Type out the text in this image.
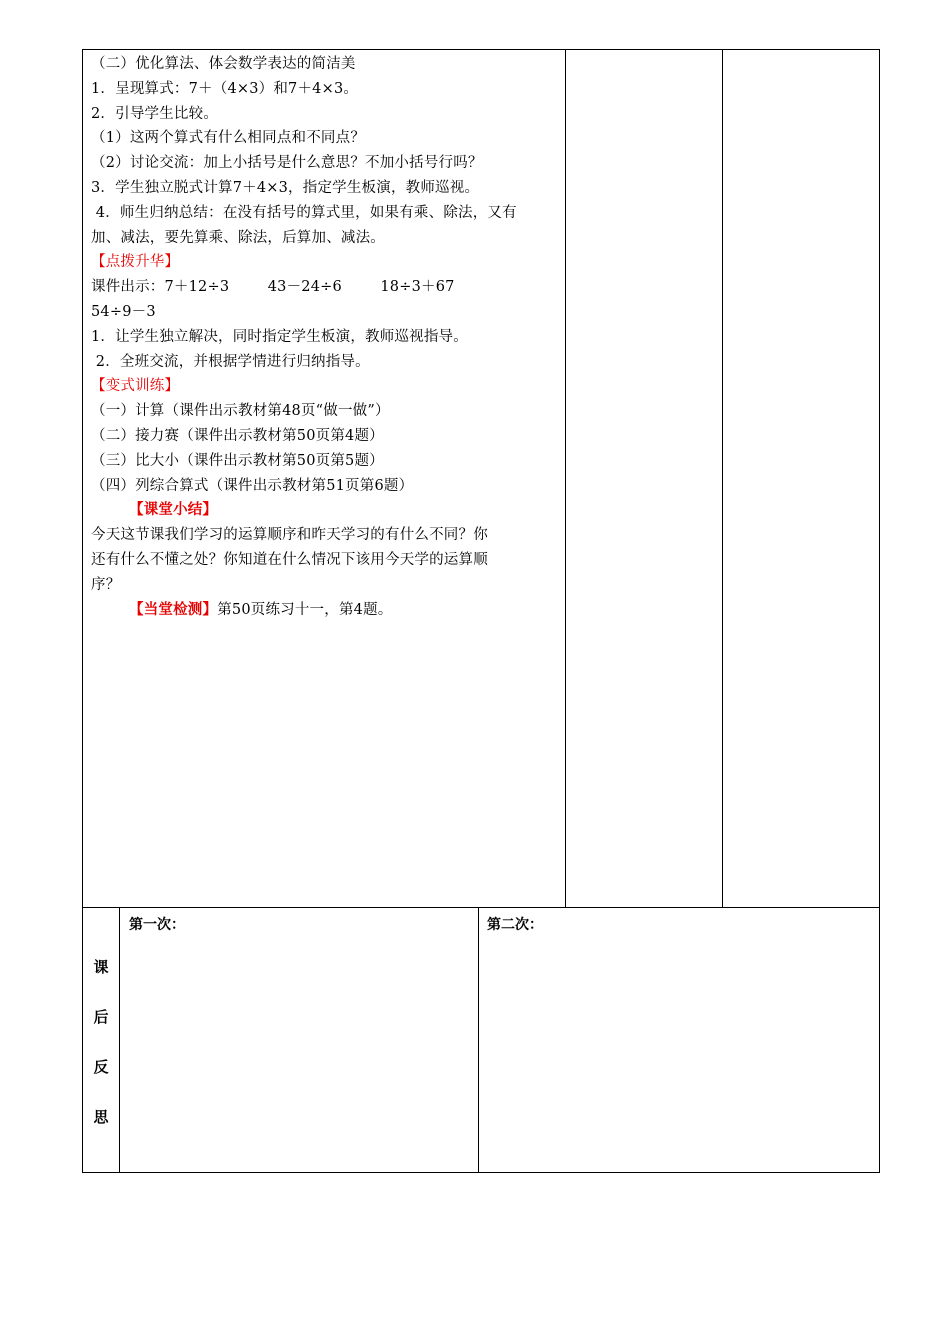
（二）优化算法、体会数学表达的简洁美
1．呈现算式：7＋（4×3）和7＋4×3。
2．引导学生比较。
（1）这两个算式有什么相同点和不同点？
（2）讨论交流：加上小括号是什么意思？不加小括号行吗？
3．学生独立脱式计算7＋4×3，指定学生板演，教师巡视。
4．师生归纳总结：在没有括号的算式里，如果有乘、除法，又有
加、减法，要先算乘、除法，后算加、减法。
【点拨升华】
课件出示：7＋12÷3        43－24÷6        18÷3＋67
54÷9－3
1．让学生独立解决，同时指定学生板演，教师巡视指导。
2．全班交流，并根据学情进行归纳指导。
【变式训练】
（一）计算（课件出示教材第48页“做一做”）
（二）接力赛（课件出示教材第50页第4题）
（三）比大小（课件出示教材第50页第5题）
（四）列综合算式（课件出示教材第51页第6题）
【课堂小结】
今天这节课我们学习的运算顺序和昨天学习的有什么不同？你
还有什么不懂之处？你知道在什么情况下该用今天学的运算顺
序？
【当堂检测】第50页练习十一，第4题。
课
后
反
思
第一次：	第二次：
